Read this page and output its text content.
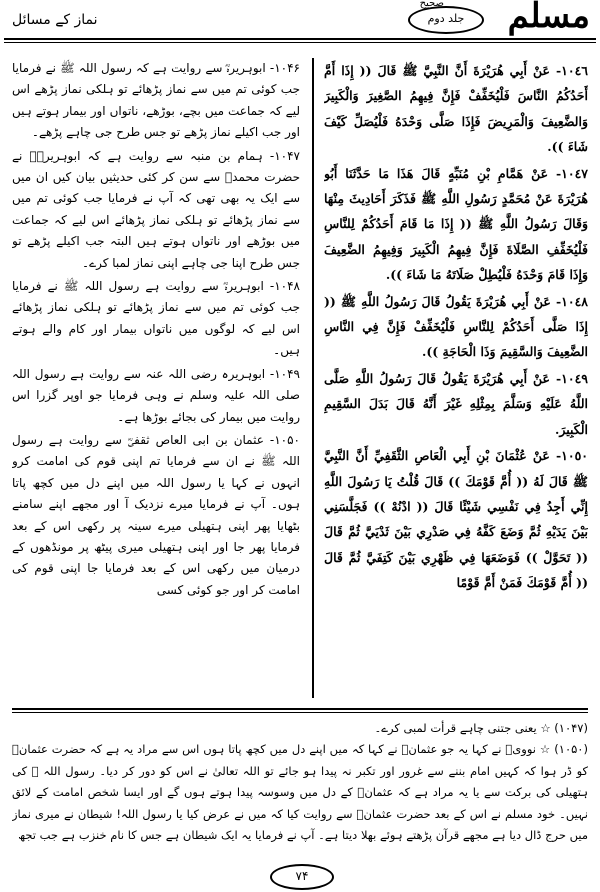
نماز کے مسائل
صحیح مسلم
جلد دوم

١٠٤٦- عَنْ أَبِي هُرَيْرَةَ أَنَّ النَّبِيَّ ﷺ قَالَ (( إِذَا أَمَّ أَحَدُكُمُ النَّاسَ فَلْيُخَفِّفْ فَإِنَّ فِيهِمُ الصَّغِيرَ وَالْكَبِيرَ وَالضَّعِيفَ وَالْمَرِيضَ فَإِذَا صَلَّى وَحْدَهُ فَلْيُصَلِّ كَيْفَ شَاءَ )).

١٠٤٧- عَنْ هَمَّامِ بْنِ مُنَبِّهٍ قَالَ هَذَا مَا حَدَّثَنَا أَبُو هُرَيْرَةَ عَنْ مُحَمَّدٍ رَسُولِ اللَّهِ ﷺ فَذَكَرَ أَحَادِيثَ مِنْهَا وَقَالَ رَسُولُ اللَّهِ ﷺ (( إِذَا مَا قَامَ أَحَدُكُمْ لِلنَّاسِ فَلْيُخَفِّفِ الصَّلَاةَ فَإِنَّ فِيهِمُ الْكَبِيرَ وَفِيهِمُ الضَّعِيفَ وَإِذَا قَامَ وَحْدَهُ فَلْيُطِلْ صَلَاتَهُ مَا شَاءَ )).

١٠٤٨- عَنْ أَبِي هُرَيْرَةَ يَقُولُ قَالَ رَسُولُ اللَّهِ ﷺ (( إِذَا صَلَّى أَحَدُكُمْ لِلنَّاسِ فَلْيُخَفِّفْ فَإِنَّ فِي النَّاسِ الضَّعِيفَ وَالسَّقِيمَ وَذَا الْحَاجَةِ )).

١٠٤٩- عَنْ أَبِي هُرَيْرَةَ يَقُولُ قَالَ رَسُولُ اللَّهِ صَلَّى اللَّهُ عَلَيْهِ وَسَلَّمَ بِمِثْلِهِ غَيْرَ أَنَّهُ قَالَ بَدَلَ السَّقِيمِ الْكَبِيرَ.

١٠٥٠- عَنْ عُثْمَانَ بْنِ أَبِي الْعَاصِ الثَّقَفِيِّ أَنَّ النَّبِيَّ ﷺ قَالَ لَهُ (( أُمَّ قَوْمَكَ )) قَالَ قُلْتُ يَا رَسُولَ اللَّهِ إِنِّي أَجِدُ فِي نَفْسِي شَيْئًا قَالَ (( ادْنُهْ )) فَجَلَّسَنِي بَيْنَ يَدَيْهِ ثُمَّ وَضَعَ كَفَّهُ فِي صَدْرِي بَيْنَ ثَدْيَيَّ ثُمَّ قَالَ (( تَحَوَّلْ )) فَوَضَعَهَا فِي ظَهْرِي بَيْنَ كَتِفَيَّ ثُمَّ قَالَ (( أُمَّ قَوْمَكَ فَمَنْ أَمَّ قَوْمًا

۱۰۴۶- ابوہریرہؓ سے روایت ہے کہ رسول اللہ ﷺ نے فرمایا جب کوئی تم میں سے نماز پڑھائے تو ہلکی نماز پڑھے اس لیے کہ جماعت میں بچے، بوڑھے، ناتواں اور بیمار ہوتے ہیں اور جب اکیلے نماز پڑھے تو جس طرح جی چاہے پڑھے۔

۱۰۴۷- ہمام بن منبہ سے روایت ہے کہ ابوہریرہؓ نے حضرت محمدؐ سے سن کر کئی حدیثیں بیان کیں ان میں سے ایک یہ بھی تھی کہ آپ نے فرمایا جب کوئی تم میں سے نماز پڑھائے تو ہلکی نماز پڑھائے اس لیے کہ جماعت میں بوڑھے اور ناتواں ہوتے ہیں البتہ جب اکیلے پڑھے تو جس طرح اپنا جی چاہے اپنی نماز لمبا کرے۔

۱۰۴۸- ابوہریرہؓ سے روایت ہے رسول اللہ ﷺ نے فرمایا جب کوئی تم میں سے نماز پڑھائے تو ہلکی نماز پڑھائے اس لیے کہ لوگوں میں ناتواں بیمار اور کام والے ہوتے ہیں۔

۱۰۴۹- ابوہریرہ رضی اللہ عنہ سے روایت ہے رسول اللہ صلی اللہ علیہ وسلم نے وہی فرمایا جو اوپر گزرا اس روایت میں بیمار کی بجائے بوڑھا ہے۔

۱۰۵۰- عثمان بن ابی العاص ثقفیؓ سے روایت ہے رسول اللہ ﷺ نے ان سے فرمایا تم اپنی قوم کی امامت کرو انہوں نے کہا یا رسول اللہ میں اپنے دل میں کچھ پاتا ہوں۔ آپ نے فرمایا میرے نزدیک آ اور مجھے اپنے سامنے بٹھایا پھر اپنی ہتھیلی میرے سینہ پر رکھی اس کے بعد فرمایا پھر جا اور اپنی ہتھیلی میری پیٹھ پر مونڈھوں کے درمیان میں رکھی اس کے بعد فرمایا جا اپنی قوم کی امامت کر اور جو کوئی کسی

(۱۰۴۷) ☆ یعنی جتنی چاہے قرأت لمبی کرے۔

(۱۰۵۰) ☆ نوویؒ نے کہا یہ جو عثمانؓ نے کہا کہ میں اپنے دل میں کچھ پاتا ہوں اس سے مراد یہ ہے کہ حضرت عثمانؓ کو ڈر ہوا کہ کہیں امام بننے سے غرور اور تکبر نہ پیدا ہو جائے تو اللہ تعالیٰ نے اس کو دور کر دیا۔ رسول اللہ ﷺ کی ہتھیلی کی برکت سے یا یہ مراد ہے کہ عثمانؓ کے دل میں وسوسہ پیدا ہوتے ہوں گے اور ایسا شخص امامت کے لائق نہیں۔ خود مسلم نے اس کے بعد حضرت عثمانؓ سے روایت کیا کہ میں نے عرض کیا یا رسول اللہ! شیطان نے میری نماز میں حرج ڈال دیا ہے مجھے قرآن پڑھتے ہوئے بھلا دیتا ہے۔ آپ نے فرمایا یہ ایک شیطان ہے جس کا نام خنزب ہے جب تجھ

۷۴
